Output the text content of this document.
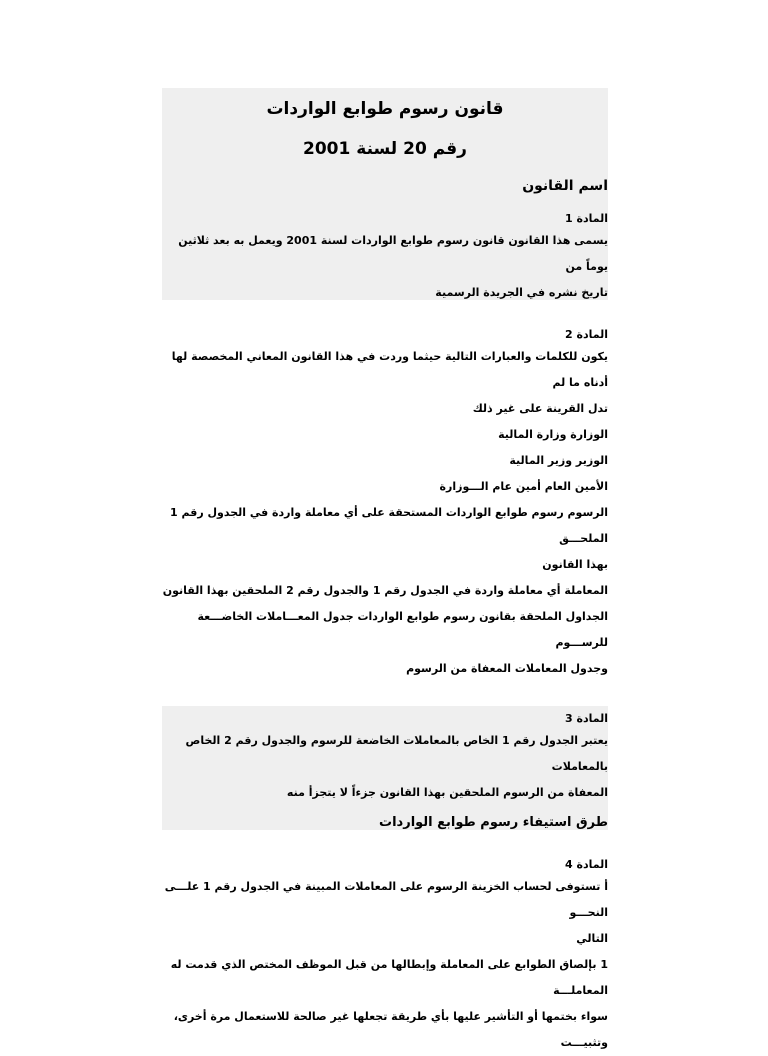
قانون رسوم طوابع الواردات
رقم 20 لسنة 2001
اسم القانون
المادة 1

يسمى هذا القانون قانون رسوم طوابع الواردات لسنة 2001 ويعمل به بعد ثلاثين يوماً من

تاريخ نشره في الجريدة الرسمية

المادة 2

يكون للكلمات والعبارات التالية حيثما وردت في هذا القانون المعاني المخصصة لها أدناه ما لم

تدل القرينة على غير ذلك

الوزارة وزارة المالية

الوزير وزير المالية

الأمين العام أمين عام الـــوزارة

الرسوم رسوم طوابع الواردات المستحقة على أي معاملة واردة في الجدول رقم 1 الملحـــق

بهذا القانون

المعاملة أي معاملة واردة في الجدول رقم 1 والجدول رقم 2 الملحقين بهذا القانون

الجداول الملحقة بقانون رسوم طوابع الواردات جدول المعـــاملات الخاضـــعة للرســـوم

وجدول المعاملات المعفاة من الرسوم

المادة 3

يعتبر الجدول رقم 1 الخاص بالمعاملات الخاضعة للرسوم والجدول رقم 2 الخاص بالمعاملات

المعفاة من الرسوم الملحقين بهذا القانون جزءاً لا يتجزأ منه

طرق استيفاء رسوم طوابع الواردات
المادة 4

أ تستوفى لحساب الخزينة الرسوم على المعاملات المبينة في الجدول رقم 1 علـــى النحـــو

التالي

1 بإلصاق الطوابع على المعاملة وإبطالها من قبل الموظف المختص الذي قدمت له المعاملـــة

سواء بختمها أو التأشير عليها بأي طريقة تجعلها غير صالحة للاستعمال مرة أخرى، وتثبيـــت
